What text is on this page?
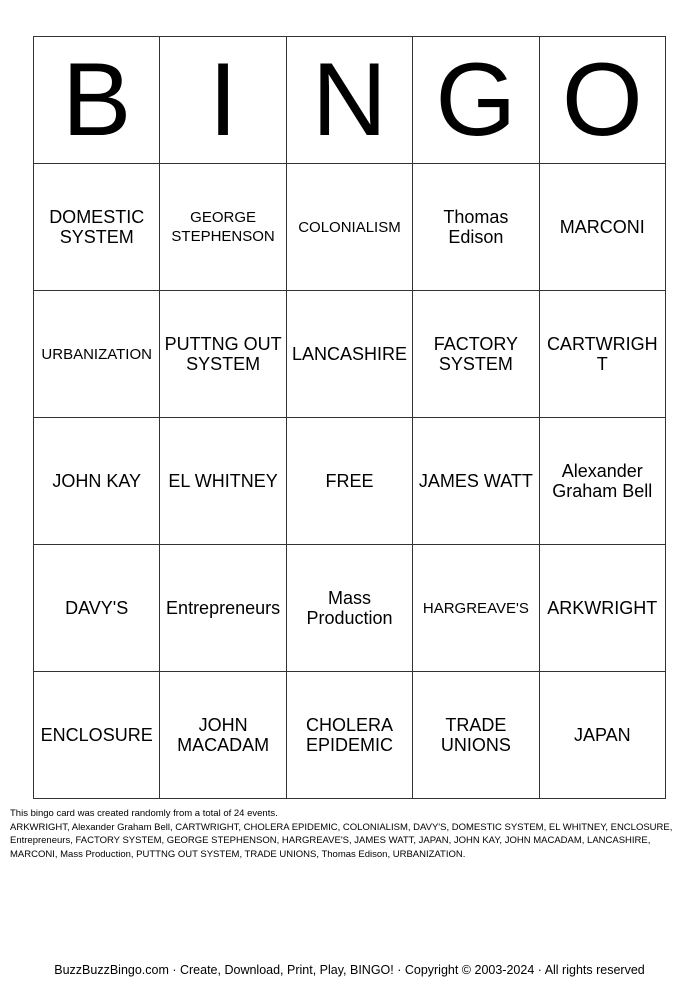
B	I	N	G	O
DOMESTIC SYSTEM	GEORGE STEPHENSON	COLONIALISM	Thomas Edison	MARCONI
URBANIZATION	PUTTNG OUT SYSTEM	LANCASHIRE	FACTORY SYSTEM	CARTWRIGHT
JOHN KAY	EL WHITNEY	FREE	JAMES WATT	Alexander Graham Bell
DAVY'S	Entrepreneurs	Mass Production	HARGREAVE'S	ARKWRIGHT
ENCLOSURE	JOHN MACADAM	CHOLERA EPIDEMIC	TRADE UNIONS	JAPAN

This bingo card was created randomly from a total of 24 events.

ARKWRIGHT, Alexander Graham Bell, CARTWRIGHT, CHOLERA EPIDEMIC, COLONIALISM, DAVY'S, DOMESTIC SYSTEM, EL WHITNEY, ENCLOSURE, Entrepreneurs, FACTORY SYSTEM, GEORGE STEPHENSON, HARGREAVE'S, JAMES WATT, JAPAN, JOHN KAY, JOHN MACADAM, LANCASHIRE, MARCONI, Mass Production, PUTTNG OUT SYSTEM, TRADE UNIONS, Thomas Edison, URBANIZATION.

BuzzBuzzBingo.com · Create, Download, Print, Play, BINGO! · Copyright © 2003-2024 · All rights reserved
